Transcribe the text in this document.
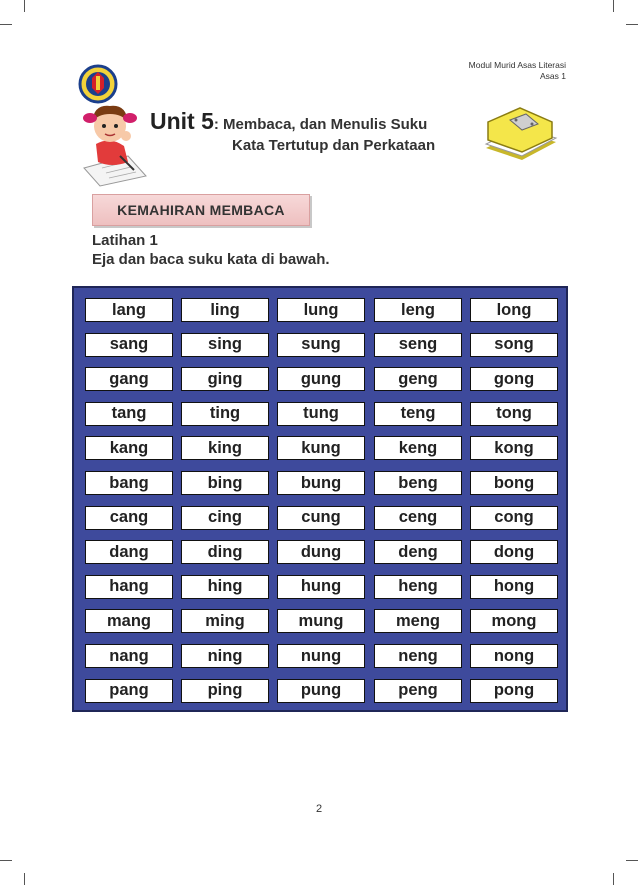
Modul Murid Asas Literasi
Asas 1
Unit 5: Membaca, dan Menulis Suku
Kata Tertutup dan Perkataan
KEMAHIRAN MEMBACA
Latihan 1
Eja dan baca suku kata di bawah.
lang	ling	lung	leng	long
sang	sing	sung	seng	song
gang	ging	gung	geng	gong
tang	ting	tung	teng	tong
kang	king	kung	keng	kong
bang	bing	bung	beng	bong
cang	cing	cung	ceng	cong
dang	ding	dung	deng	dong
hang	hing	hung	heng	hong
mang	ming	mung	meng	mong
nang	ning	nung	neng	nong
pang	ping	pung	peng	pong
2
